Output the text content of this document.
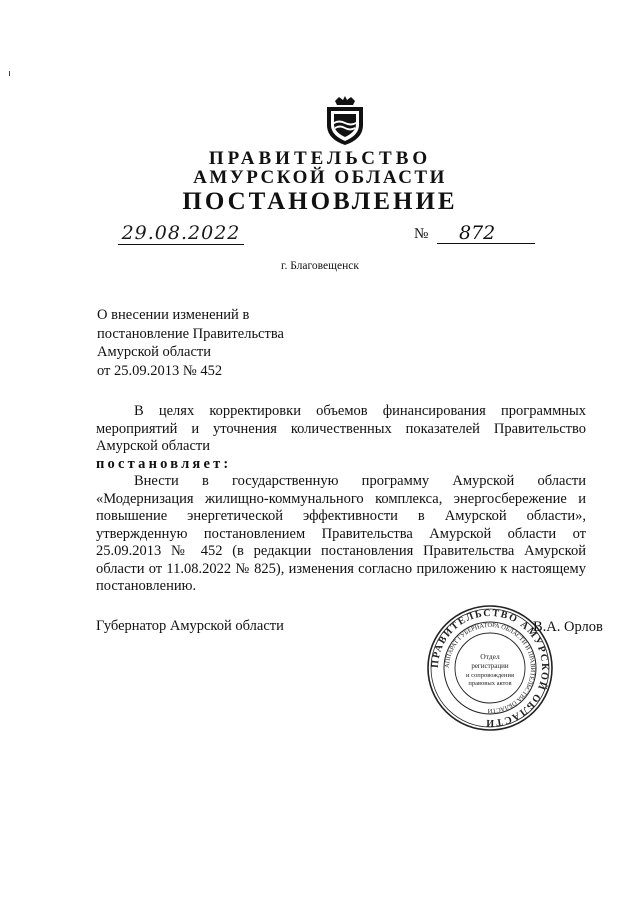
ПРАВИТЕЛЬСТВО
АМУРСКОЙ ОБЛАСТИ
ПОСТАНОВЛЕНИЕ
29.08.2022	№	872
г. Благовещенск
О внесении изменений в
постановление Правительства
Амурской области
от 25.09.2013 № 452

В целях корректировки объемов финансирования программных мероприятий и уточнения количественных показателей Правительство Амурской области

постановляет:

Внести в государственную программу Амурской области «Модернизация жилищно-коммунального комплекса, энергосбережение и повышение энергетической эффективности в Амурской области», утвержденную постановлением Правительства Амурской области от 25.09.2013 № 452 (в редакции постановления Правительства Амурской области от 11.08.2022 № 825), изменения согласно приложению к настоящему постановлению.

Губернатор Амурской области
ПРАВИТЕЛЬСТВО АМУРСКОЙ ОБЛАСТИ
АППАРАТ ГУБЕРНАТОРА ОБЛАСТИ И ПРАВИТЕЛЬСТВА ОБЛАСТИ
Отдел
регистрации
и сопровождения
правовых актов
В.А. Орлов
